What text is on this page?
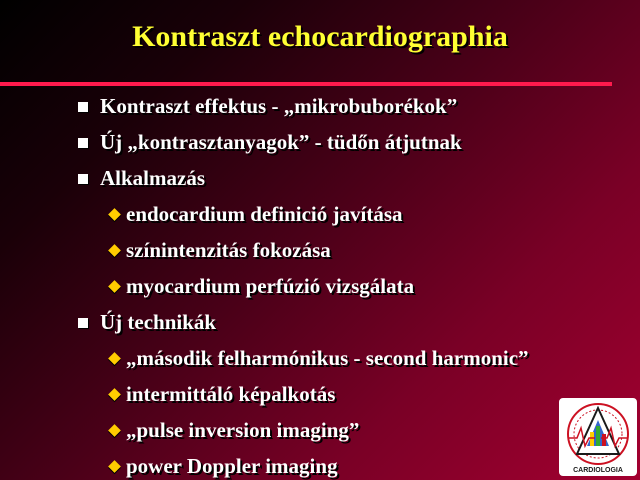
Kontraszt echocardiographia
Kontraszt effektus - „mikrobuborékok”
Új „kontrasztanyagok” - tüdőn átjutnak
Alkalmazás
endocardium definició javítása
színintenzitás fokozása
myocardium perfúzió vizsgálata
Új technikák
„második felharmónikus - second harmonic”
intermittáló képalkotás
„pulse inversion imaging”
power Doppler imaging	CARDIOLOGIA
